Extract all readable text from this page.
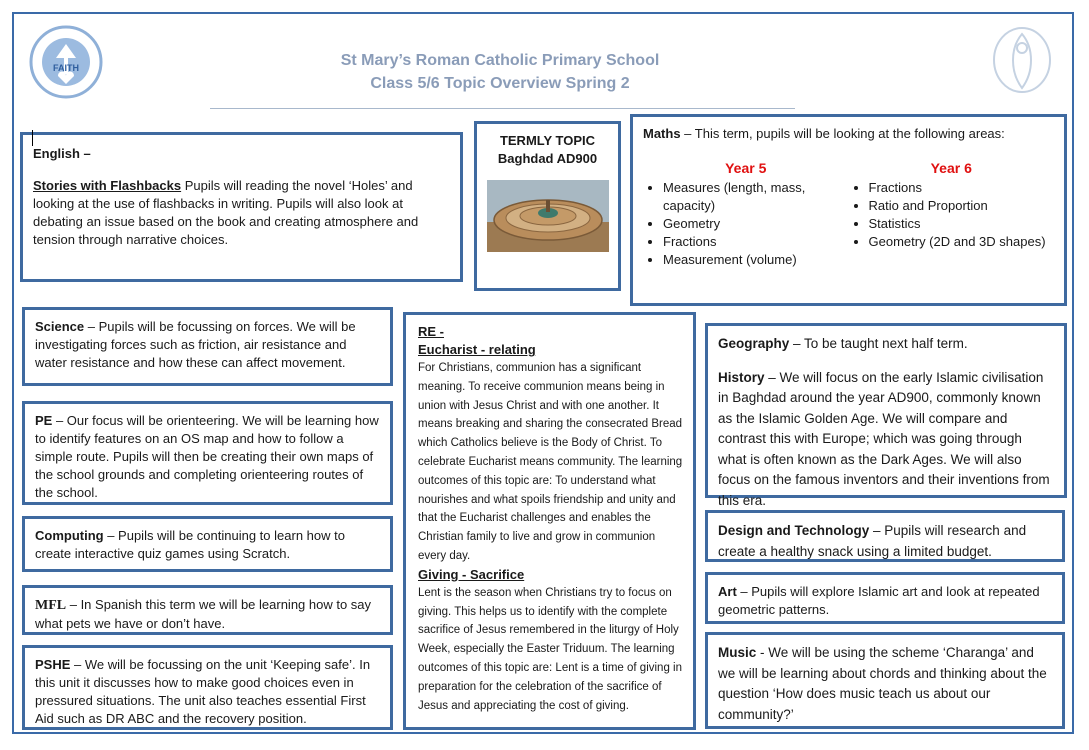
FAITH	St Mary’s Roman Catholic Primary School
Class 5/6 Topic Overview Spring 2
English –
Stories with Flashbacks Pupils will reading the novel ‘Holes’ and looking at the use of flashbacks in writing. Pupils will also look at debating an issue based on the book and creating atmosphere and tension through narrative choices.
TERMLY TOPIC
Baghdad AD900
Maths – This term, pupils will be looking at the following areas:
Year 5
• Measures (length, mass, capacity)
• Geometry
• Fractions
• Measurement (volume)
Year 6
• Fractions
• Ratio and Proportion
• Statistics
• Geometry (2D and 3D shapes)
Science – Pupils will be focussing on forces. We will be investigating forces such as friction, air resistance and water resistance and how these can affect movement.
PE – Our focus will be orienteering. We will be learning how to identify features on an OS map and how to follow a simple route. Pupils will then be creating their own maps of the school grounds and completing orienteering routes of the school.
Computing – Pupils will be continuing to learn how to create interactive quiz games using Scratch.
MFL – In Spanish this term we will be learning how to say what pets we have or don’t have.
PSHE – We will be focussing on the unit ‘Keeping safe’. In this unit it discusses how to make good choices even in pressured situations. The unit also teaches essential First Aid such as DR ABC and the recovery position.
RE -
Eucharist - relating
For Christians, communion has a significant meaning. To receive communion means being in union with Jesus Christ and with one another. It means breaking and sharing the consecrated Bread which Catholics believe is the Body of Christ. To celebrate Eucharist means community. The learning outcomes of this topic are: To understand what nourishes and what spoils friendship and unity and that the Eucharist challenges and enables the Christian family to live and grow in communion every day.
Giving - Sacrifice
Lent is the season when Christians try to focus on giving. This helps us to identify with the complete sacrifice of Jesus remembered in the liturgy of Holy Week, especially the Easter Triduum. The learning outcomes of this topic are: Lent is a time of giving in preparation for the celebration of the sacrifice of Jesus and appreciating the cost of giving.
Geography – To be taught next half term.
History – We will focus on the early Islamic civilisation in Baghdad around the year AD900, commonly known as the Islamic Golden Age. We will compare and contrast this with Europe; which was going through what is often known as the Dark Ages. We will also focus on the famous inventors and their inventions from this era.
Design and Technology – Pupils will research and create a healthy snack using a limited budget.
Art – Pupils will explore Islamic art and look at repeated geometric patterns.
Music - We will be using the scheme ‘Charanga’ and we will be learning about chords and thinking about the question ‘How does music teach us about our community?’
